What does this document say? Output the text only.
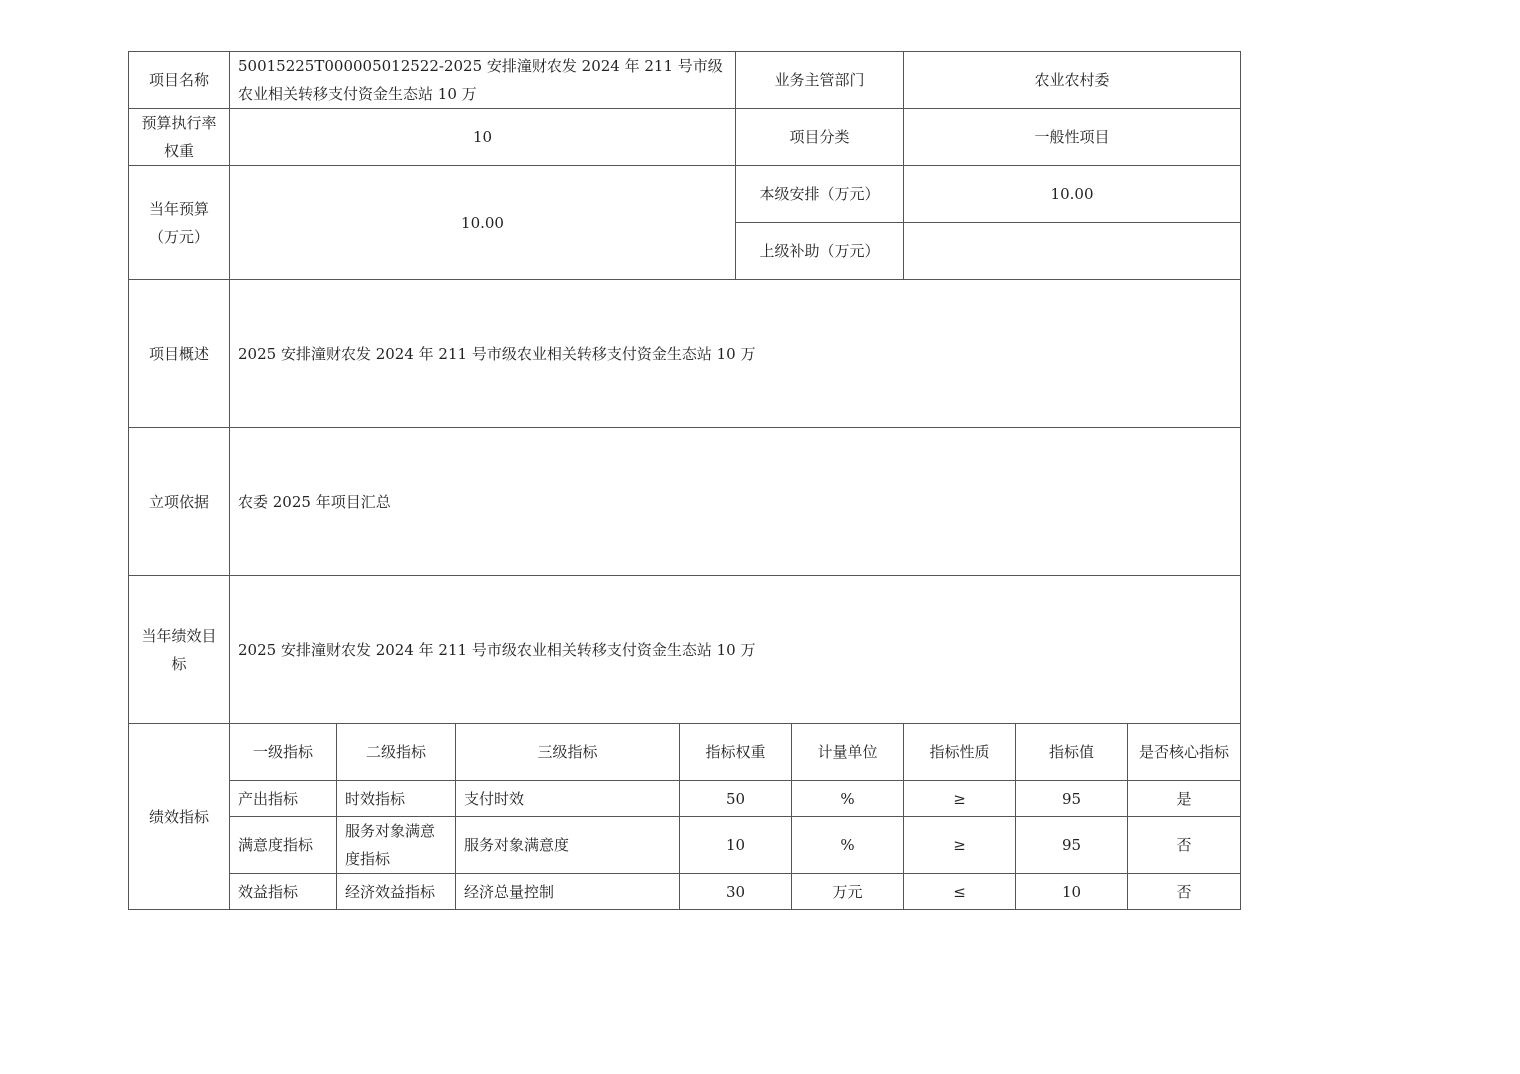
项目名称	50015225T000005012522-2025 安排潼财农发 2024 年 211 号市级农业相关转移支付资金生态站 10 万				业务主管部门		农业农村委		
预算执行率权重	10				项目分类		一般性项目		
当年预算（万元）	10.00				本级安排（万元）		10.00		
					上级补助（万元）				
项目概述	2025 安排潼财农发 2024 年 211 号市级农业相关转移支付资金生态站 10 万								
立项依据	农委 2025 年项目汇总								
当年绩效目标	2025 安排潼财农发 2024 年 211 号市级农业相关转移支付资金生态站 10 万								
绩效指标	一级指标	二级指标	三级指标	指标权重		计量单位	指标性质	指标值	是否核心指标
	产出指标	时效指标	支付时效	50		%	≥	95	是
	满意度指标	服务对象满意度指标	服务对象满意度	10		%	≥	95	否
	效益指标	经济效益指标	经济总量控制	30		万元	≤	10	否
